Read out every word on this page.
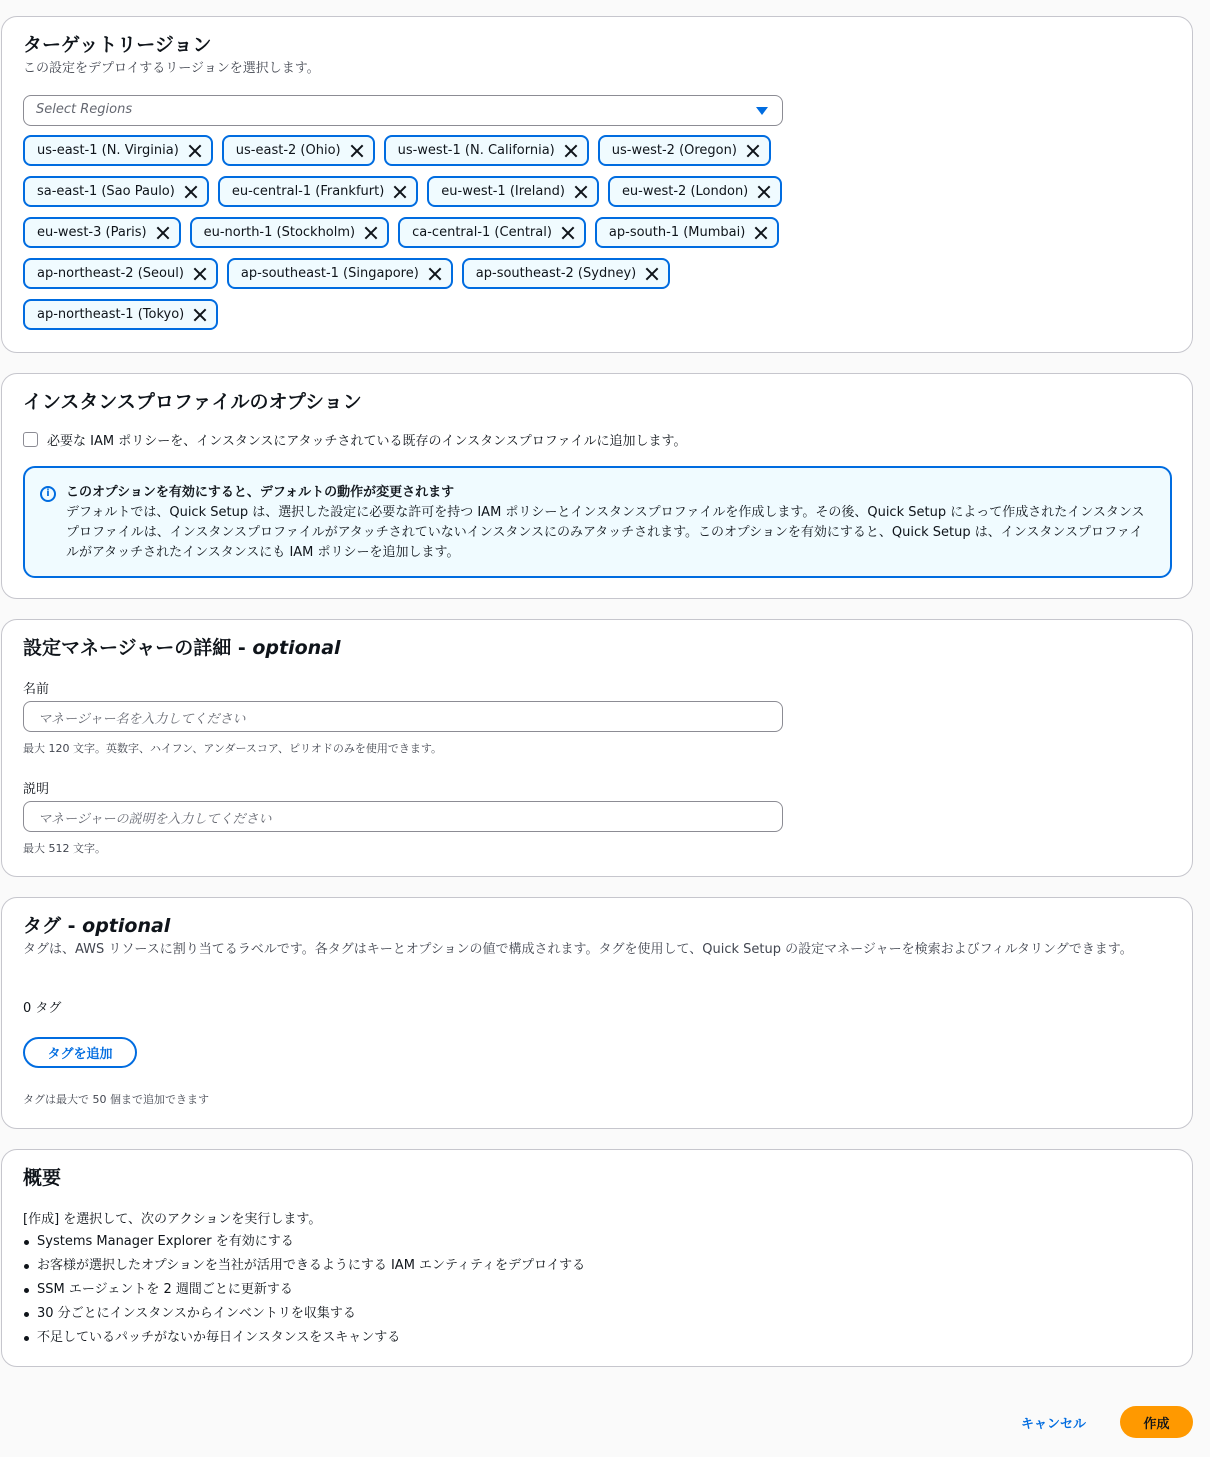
ターゲットリージョン
この設定をデプロイするリージョンを選択します。
Select Regions
us-east-1 (N. Virginia)	us-east-2 (Ohio)	us-west-1 (N. California)	us-west-2 (Oregon)
sa-east-1 (Sao Paulo)	eu-central-1 (Frankfurt)	eu-west-1 (Ireland)	eu-west-2 (London)
eu-west-3 (Paris)	eu-north-1 (Stockholm)	ca-central-1 (Central)	ap-south-1 (Mumbai)
ap-northeast-2 (Seoul)	ap-southeast-1 (Singapore)	ap-southeast-2 (Sydney)
ap-northeast-1 (Tokyo)
インスタンスプロファイルのオプション
必要な IAM ポリシーを、インスタンスにアタッチされている既存のインスタンスプロファイルに追加します。
i	このオプションを有効にすると、デフォルトの動作が変更されます
デフォルトでは、Quick Setup は、選択した設定に必要な許可を持つ IAM ポリシーとインスタンスプロファイルを作成します。その後、Quick Setup によって作成されたインスタンスプロファイルは、インスタンスプロファイルがアタッチされていないインスタンスにのみアタッチされます。このオプションを有効にすると、Quick Setup は、インスタンスプロファイルがアタッチされたインスタンスにも IAM ポリシーを追加します。
設定マネージャーの詳細 - optional
名前
マネージャー名を入力してください
最大 120 文字。英数字、ハイフン、アンダースコア、ピリオドのみを使用できます。
説明
マネージャーの説明を入力してください
最大 512 文字。
タグ - optional
タグは、AWS リソースに割り当てるラベルです。各タグはキーとオプションの値で構成されます。タグを使用して、Quick Setup の設定マネージャーを検索およびフィルタリングできます。
0 タグ
タグを追加
タグは最大で 50 個まで追加できます
概要
[作成] を選択して、次のアクションを実行します。
Systems Manager Explorer を有効にする
お客様が選択したオプションを当社が活用できるようにする IAM エンティティをデプロイする
SSM エージェントを 2 週間ごとに更新する
30 分ごとにインスタンスからインベントリを収集する
不足しているパッチがないか毎日インスタンスをスキャンする
キャンセル	作成
